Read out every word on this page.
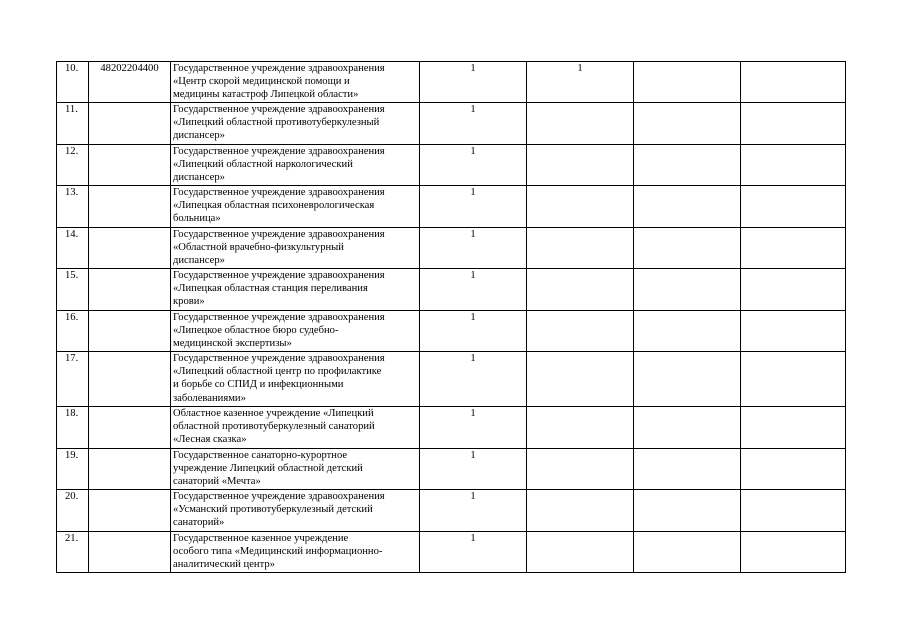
10.	48202204400	Государственное учреждение здравоохранения
«Центр скорой медицинской помощи и
медицины катастроф Липецкой области»	1	1		
11.		Государственное учреждение здравоохранения
«Липецкий областной противотуберкулезный
диспансер»	1			
12.		Государственное учреждение здравоохранения
«Липецкий областной наркологический
диспансер»	1			
13.		Государственное учреждение здравоохранения
«Липецкая областная психоневрологическая
больница»	1			
14.		Государственное учреждение здравоохранения
«Областной врачебно-физкультурный
диспансер»	1			
15.		Государственное учреждение здравоохранения
«Липецкая областная станция переливания
крови»	1			
16.		Государственное учреждение здравоохранения
«Липецкое областное бюро судебно-
медицинской экспертизы»	1			
17.		Государственное учреждение здравоохранения
«Липецкий областной центр по профилактике
и борьбе со СПИД и инфекционными
заболеваниями»	1			
18.		Областное казенное учреждение «Липецкий
областной противотуберкулезный санаторий
«Лесная сказка»	1			
19.		Государственное санаторно-курортное
учреждение Липецкий областной детский
санаторий «Мечта»	1			
20.		Государственное учреждение здравоохранения
«Усманский противотуберкулезный детский
санаторий»	1			
21.		Государственное казенное учреждение
особого типа «Медицинский информационно-
аналитический центр»	1			
